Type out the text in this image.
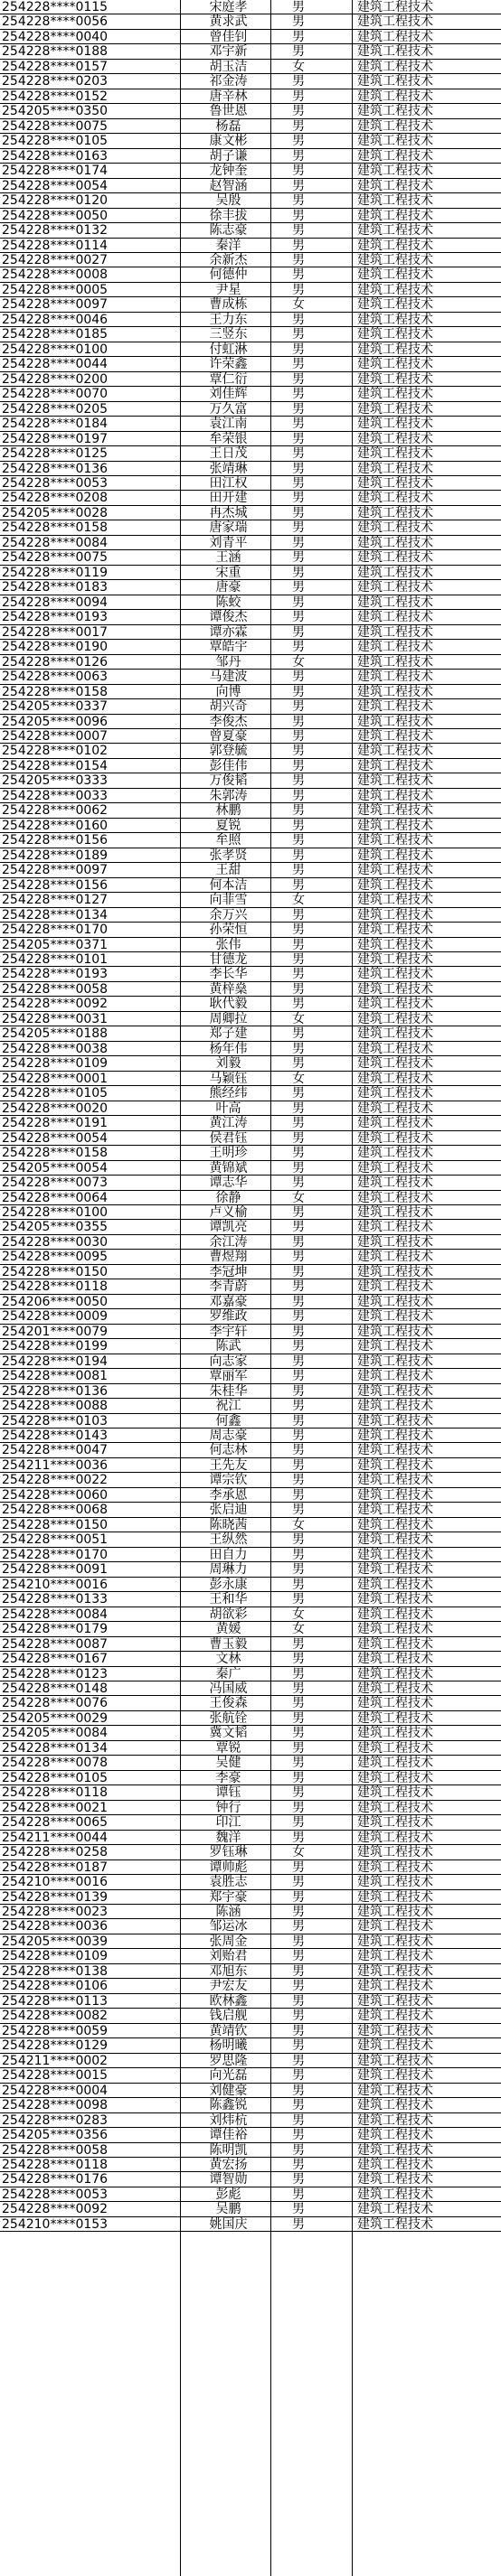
254228****0115	宋庭孝	男	建筑工程技术
254228****0056	黄求武	男	建筑工程技术
254228****0040	曾佳钊	男	建筑工程技术
254228****0188	邓宇新	男	建筑工程技术
254228****0157	胡玉洁	女	建筑工程技术
254228****0203	祁金涛	男	建筑工程技术
254228****0152	唐辛林	男	建筑工程技术
254205****0350	鲁世恩	男	建筑工程技术
254228****0075	杨磊	男	建筑工程技术
254228****0105	康文彬	男	建筑工程技术
254228****0163	胡子谦	男	建筑工程技术
254228****0174	龙钟奎	男	建筑工程技术
254228****0054	赵智涵	男	建筑工程技术
254228****0120	吴殷	男	建筑工程技术
254228****0050	徐丰拔	男	建筑工程技术
254228****0132	陈志豪	男	建筑工程技术
254228****0114	秦洋	男	建筑工程技术
254228****0027	余新杰	男	建筑工程技术
254228****0008	何德仲	男	建筑工程技术
254228****0005	尹星	男	建筑工程技术
254228****0097	曹成栋	女	建筑工程技术
254228****0046	王力东	男	建筑工程技术
254228****0185	三竖东	男	建筑工程技术
254228****0100	付虹淋	男	建筑工程技术
254228****0044	许荣鑫	男	建筑工程技术
254228****0200	覃仁衍	男	建筑工程技术
254228****0070	刘佳辉	男	建筑工程技术
254228****0205	万久富	男	建筑工程技术
254228****0184	袁江南	男	建筑工程技术
254228****0197	牟荣银	男	建筑工程技术
254228****0125	王日茂	男	建筑工程技术
254228****0136	张靖琳	男	建筑工程技术
254228****0053	田江权	男	建筑工程技术
254228****0208	田开建	男	建筑工程技术
254205****0028	冉杰城	男	建筑工程技术
254228****0158	唐家瑞	男	建筑工程技术
254228****0084	刘青平	男	建筑工程技术
254228****0075	王涵	男	建筑工程技术
254228****0119	宋重	男	建筑工程技术
254228****0183	唐豪	男	建筑工程技术
254228****0094	陈蛟	男	建筑工程技术
254228****0193	谭俊杰	男	建筑工程技术
254228****0017	谭亦霖	男	建筑工程技术
254228****0190	覃皓宇	男	建筑工程技术
254228****0126	邹丹	女	建筑工程技术
254228****0063	马建波	男	建筑工程技术
254228****0158	向博	男	建筑工程技术
254205****0337	胡兴奇	男	建筑工程技术
254205****0096	李俊杰	男	建筑工程技术
254228****0007	曾夏豪	男	建筑工程技术
254228****0102	郭登毓	男	建筑工程技术
254228****0154	彭佳伟	男	建筑工程技术
254205****0333	万俊韬	男	建筑工程技术
254228****0033	朱郭涛	男	建筑工程技术
254228****0062	林鹏	男	建筑工程技术
254228****0160	夏锐	男	建筑工程技术
254228****0156	牟照	男	建筑工程技术
254228****0189	张孝贤	男	建筑工程技术
254228****0097	王甜	男	建筑工程技术
254228****0156	何本洁	男	建筑工程技术
254228****0127	向菲雪	女	建筑工程技术
254228****0134	余万兴	男	建筑工程技术
254228****0170	孙荣恒	男	建筑工程技术
254205****0371	张伟	男	建筑工程技术
254228****0101	甘德龙	男	建筑工程技术
254228****0193	李长华	男	建筑工程技术
254228****0058	黄梓燊	男	建筑工程技术
254228****0092	耿代毅	男	建筑工程技术
254228****0031	周卿拉	女	建筑工程技术
254205****0188	郑子建	男	建筑工程技术
254228****0038	杨年伟	男	建筑工程技术
254228****0109	刘毅	男	建筑工程技术
254228****0001	马颖钰	女	建筑工程技术
254228****0105	熊经纬	男	建筑工程技术
254228****0020	叶高	男	建筑工程技术
254228****0191	黄江涛	男	建筑工程技术
254228****0054	侯君钰	男	建筑工程技术
254228****0158	王明珍	男	建筑工程技术
254205****0054	黄锦斌	男	建筑工程技术
254228****0073	谭志华	男	建筑工程技术
254228****0064	徐静	女	建筑工程技术
254228****0100	卢义榆	男	建筑工程技术
254205****0355	谭凯亮	男	建筑工程技术
254228****0030	余江涛	男	建筑工程技术
254228****0095	曹煜翔	男	建筑工程技术
254228****0150	李冠坤	男	建筑工程技术
254228****0118	李青蔚	男	建筑工程技术
254206****0050	邓嘉豪	男	建筑工程技术
254228****0009	罗维政	男	建筑工程技术
254201****0079	李宇轩	男	建筑工程技术
254228****0199	陈武	男	建筑工程技术
254228****0194	向志家	男	建筑工程技术
254228****0081	覃丽军	男	建筑工程技术
254228****0136	朱桂华	男	建筑工程技术
254228****0088	祝江	男	建筑工程技术
254228****0103	何鑫	男	建筑工程技术
254228****0143	周志豪	男	建筑工程技术
254228****0047	何志林	男	建筑工程技术
254211****0036	王先友	男	建筑工程技术
254228****0022	谭宗钦	男	建筑工程技术
254228****0060	李承恩	男	建筑工程技术
254228****0068	张启迪	男	建筑工程技术
254228****0150	陈晓茜	女	建筑工程技术
254228****0051	王纵然	男	建筑工程技术
254228****0170	田自力	男	建筑工程技术
254228****0091	周琳力	男	建筑工程技术
254210****0016	彭永康	男	建筑工程技术
254228****0133	王和华	男	建筑工程技术
254228****0084	胡欲彩	女	建筑工程技术
254228****0179	黄媛	女	建筑工程技术
254228****0087	曹玉毅	男	建筑工程技术
254228****0167	文林	男	建筑工程技术
254228****0123	秦广	男	建筑工程技术
254228****0148	冯国威	男	建筑工程技术
254228****0076	王俊森	男	建筑工程技术
254205****0029	张航铨	男	建筑工程技术
254205****0084	冀文韬	男	建筑工程技术
254228****0134	覃锐	男	建筑工程技术
254228****0078	吴健	男	建筑工程技术
254228****0105	李豪	男	建筑工程技术
254228****0118	谭钰	男	建筑工程技术
254228****0021	钟行	男	建筑工程技术
254228****0065	印江	男	建筑工程技术
254211****0044	魏洋	男	建筑工程技术
254228****0258	罗钰琳	女	建筑工程技术
254228****0187	谭帅彪	男	建筑工程技术
254210****0016	袁胜志	男	建筑工程技术
254228****0139	郑宇豪	男	建筑工程技术
254228****0023	陈涵	男	建筑工程技术
254228****0036	邹运冰	男	建筑工程技术
254205****0039	张周金	男	建筑工程技术
254228****0109	刘贻君	男	建筑工程技术
254228****0138	邓旭东	男	建筑工程技术
254228****0106	尹宏友	男	建筑工程技术
254228****0113	欧林鑫	男	建筑工程技术
254228****0082	钱启舰	男	建筑工程技术
254228****0059	黄靖钦	男	建筑工程技术
254228****0129	杨明曦	男	建筑工程技术
254211****0002	罗思隆	男	建筑工程技术
254228****0015	向光磊	男	建筑工程技术
254228****0004	刘健豪	男	建筑工程技术
254228****0098	陈鑫锐	男	建筑工程技术
254228****0283	刘炜杭	男	建筑工程技术
254205****0356	谭佳裕	男	建筑工程技术
254228****0058	陈明凯	男	建筑工程技术
254228****0118	黄宏扬	男	建筑工程技术
254228****0176	谭智勋	男	建筑工程技术
254228****0053	彭彪	男	建筑工程技术
254228****0092	吴鹏	男	建筑工程技术
254210****0153	姚国庆	男	建筑工程技术
